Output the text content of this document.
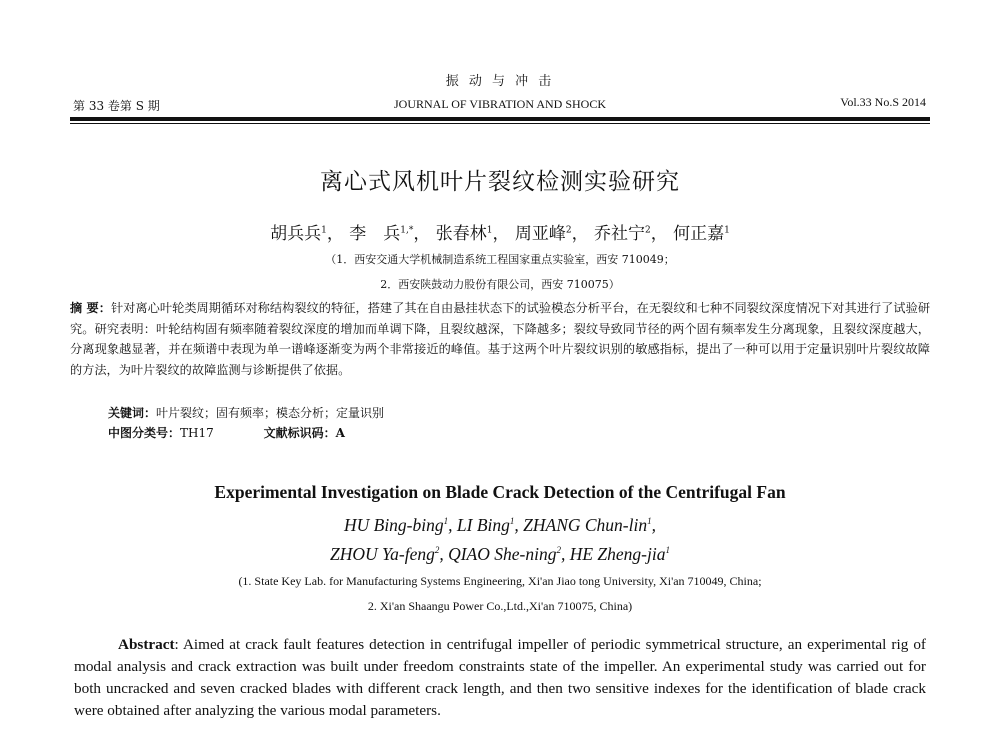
振 动 与 冲 击
第 33 卷第 S 期	JOURNAL OF VIBRATION AND SHOCK	Vol.33 No.S 2014
离心式风机叶片裂纹检测实验研究
胡兵兵$^1$， 李　兵$^{1,*}$， 张春林$^1$， 周亚峰$^2$， 乔社宁$^2$， 何正嘉$^1$
（1．西安交通大学机械制造系统工程国家重点实验室，西安 710049；
2．西安陕鼓动力股份有限公司，西安 710075）
摘 要：针对离心叶轮类周期循环对称结构裂纹的特征，搭建了其在自由悬挂状态下的试验模态分析平台，在无裂纹和七种不同裂纹深度情况下对其进行了试验研究。研究表明：叶轮结构固有频率随着裂纹深度的增加而单调下降，且裂纹越深，下降越多；裂纹导致同节径的两个固有频率发生分离现象，且裂纹深度越大，分离现象越显著，并在频谱中表现为单一谱峰逐渐变为两个非常接近的峰值。基于这两个叶片裂纹识别的敏感指标，提出了一种可以用于定量识别叶片裂纹故障的方法，为叶片裂纹的故障监测与诊断提供了依据。
关键词：叶片裂纹；固有频率；模态分析；定量识别
中图分类号：TH17	文献标识码：A
Experimental Investigation on Blade Crack Detection of the Centrifugal Fan
HU Bing-bing$^1$, LI Bing$^1$, ZHANG Chun-lin$^1$,
ZHOU Ya-feng$^2$, QIAO She-ning$^2$, HE Zheng-jia$^1$
(1. State Key Lab. for Manufacturing Systems Engineering, Xi'an Jiao tong University, Xi'an 710049, China;
2. Xi'an Shaangu Power Co.,Ltd.,Xi'an 710075, China)
Abstract: Aimed at crack fault features detection in centrifugal impeller of periodic symmetrical structure, an experimental rig of modal analysis and crack extraction was built under freedom constraints state of the impeller. An experimental study was carried out for both uncracked and seven cracked blades with different crack length, and then two sensitive indexes for the identification of blade crack were obtained after analyzing the various modal parameters.
